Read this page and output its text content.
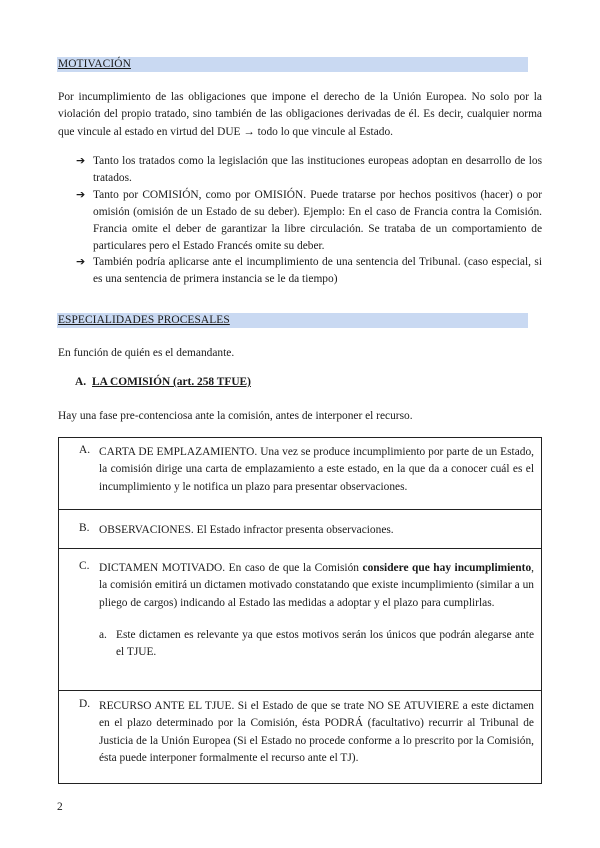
MOTIVACIÓN
Por incumplimiento de las obligaciones que impone el derecho de la Unión Europea. No solo por la violación del propio tratado, sino también de las obligaciones derivadas de él. Es decir, cualquier norma que vincule al estado en virtud del DUE → todo lo que vincule al Estado.
➔ Tanto los tratados como la legislación que las instituciones europeas adoptan en desarrollo de los tratados.
➔ Tanto por COMISIÓN, como por OMISIÓN. Puede tratarse por hechos positivos (hacer) o por omisión (omisión de un Estado de su deber). Ejemplo: En el caso de Francia contra la Comisión. Francia omite el deber de garantizar la libre circulación. Se trataba de un comportamiento de particulares pero el Estado Francés omite su deber.
➔ También podría aplicarse ante el incumplimiento de una sentencia del Tribunal. (caso especial, si es una sentencia de primera instancia se le da tiempo)
ESPECIALIDADES PROCESALES
En función de quién es el demandante.
A. LA COMISIÓN (art. 258 TFUE)
Hay una fase pre-contenciosa ante la comisión, antes de interponer el recurso.
A. CARTA DE EMPLAZAMIENTO. Una vez se produce incumplimiento por parte de un Estado, la comisión dirige una carta de emplazamiento a este estado, en la que da a conocer cuál es el incumplimiento y le notifica un plazo para presentar observaciones.
B. OBSERVACIONES. El Estado infractor presenta observaciones.
C. DICTAMEN MOTIVADO. En caso de que la Comisión considere que hay incumplimiento, la comisión emitirá un dictamen motivado constatando que existe incumplimiento (similar a un pliego de cargos) indicando al Estado las medidas a adoptar y el plazo para cumplirlas.
a. Este dictamen es relevante ya que estos motivos serán los únicos que podrán alegarse ante el TJUE.
D. RECURSO ANTE EL TJUE. Si el Estado de que se trate NO SE ATUVIERE a este dictamen en el plazo determinado por la Comisión, ésta PODRÁ (facultativo) recurrir al Tribunal de Justicia de la Unión Europea (Si el Estado no procede conforme a lo prescrito por la Comisión, ésta puede interponer formalmente el recurso ante el TJ).
2
